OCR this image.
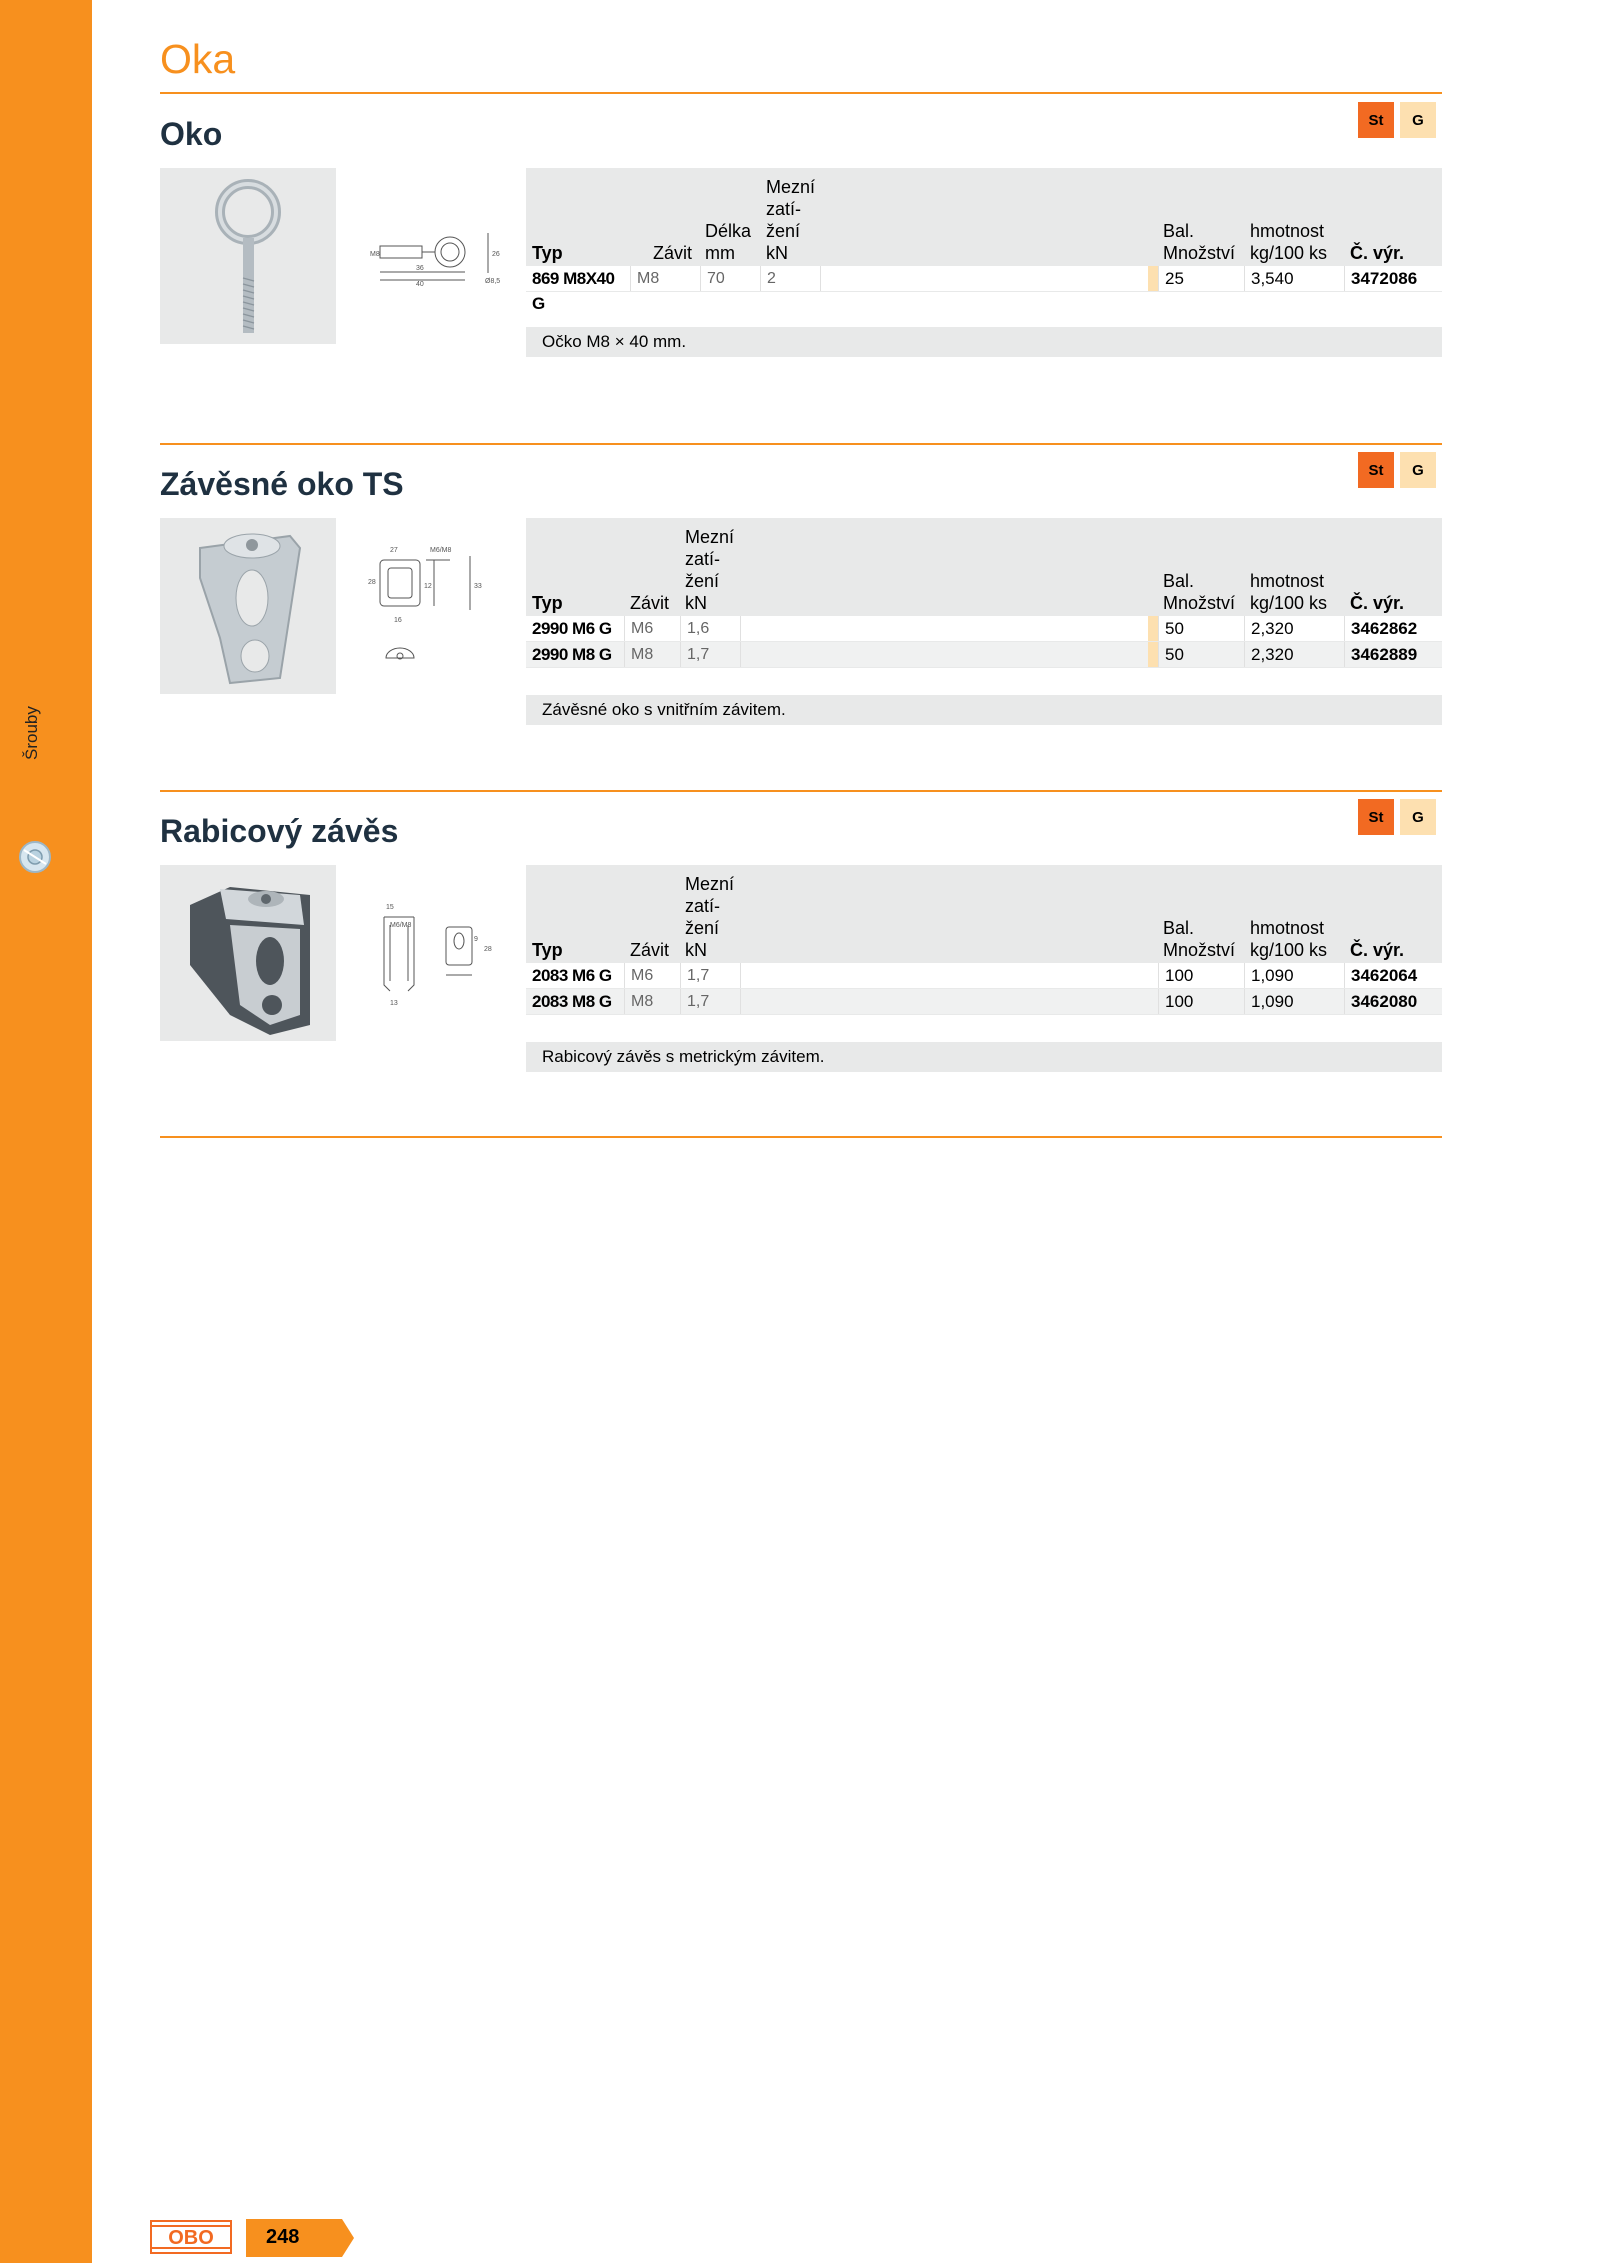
Šrouby
Oka
Oko	St	G
M8
36
40
26
Ø8,5
Typ	Závit
Délka
mm
Mezní
zatí-
žení
kN
Bal.
Množství
hmotnost
kg/100 ks Č. výr.
869 M8X40 G
M8	70	2	25	3,540	3472086
Očko M8 × 40 mm.
Závěsné oko TS	St	G
27	M6/M8
28
12	33
16
Typ	Závit
Mezní
zatí-
žení
kN
Bal.
Množství
hmotnost
kg/100 ks Č. výr.
2990 M6 G	M6	1,6	50	2,320	3462862
2990 M8 G	M8	1,7	50	2,320	3462889
Závěsné oko s vnitřním závitem.
Rabicový závěs	St	G
15
M6/M8
13
9
28 Typ	Závit
Mezní
zatí-
žení
kN
Bal.
Množství
hmotnost
kg/100 ks Č. výr.
2083 M6 G	M6	1,7	100	1,090	3462064
2083 M8 G	M8	1,7	100	1,090	3462080
Rabicový závěs s metrickým závitem.
OBO	248
